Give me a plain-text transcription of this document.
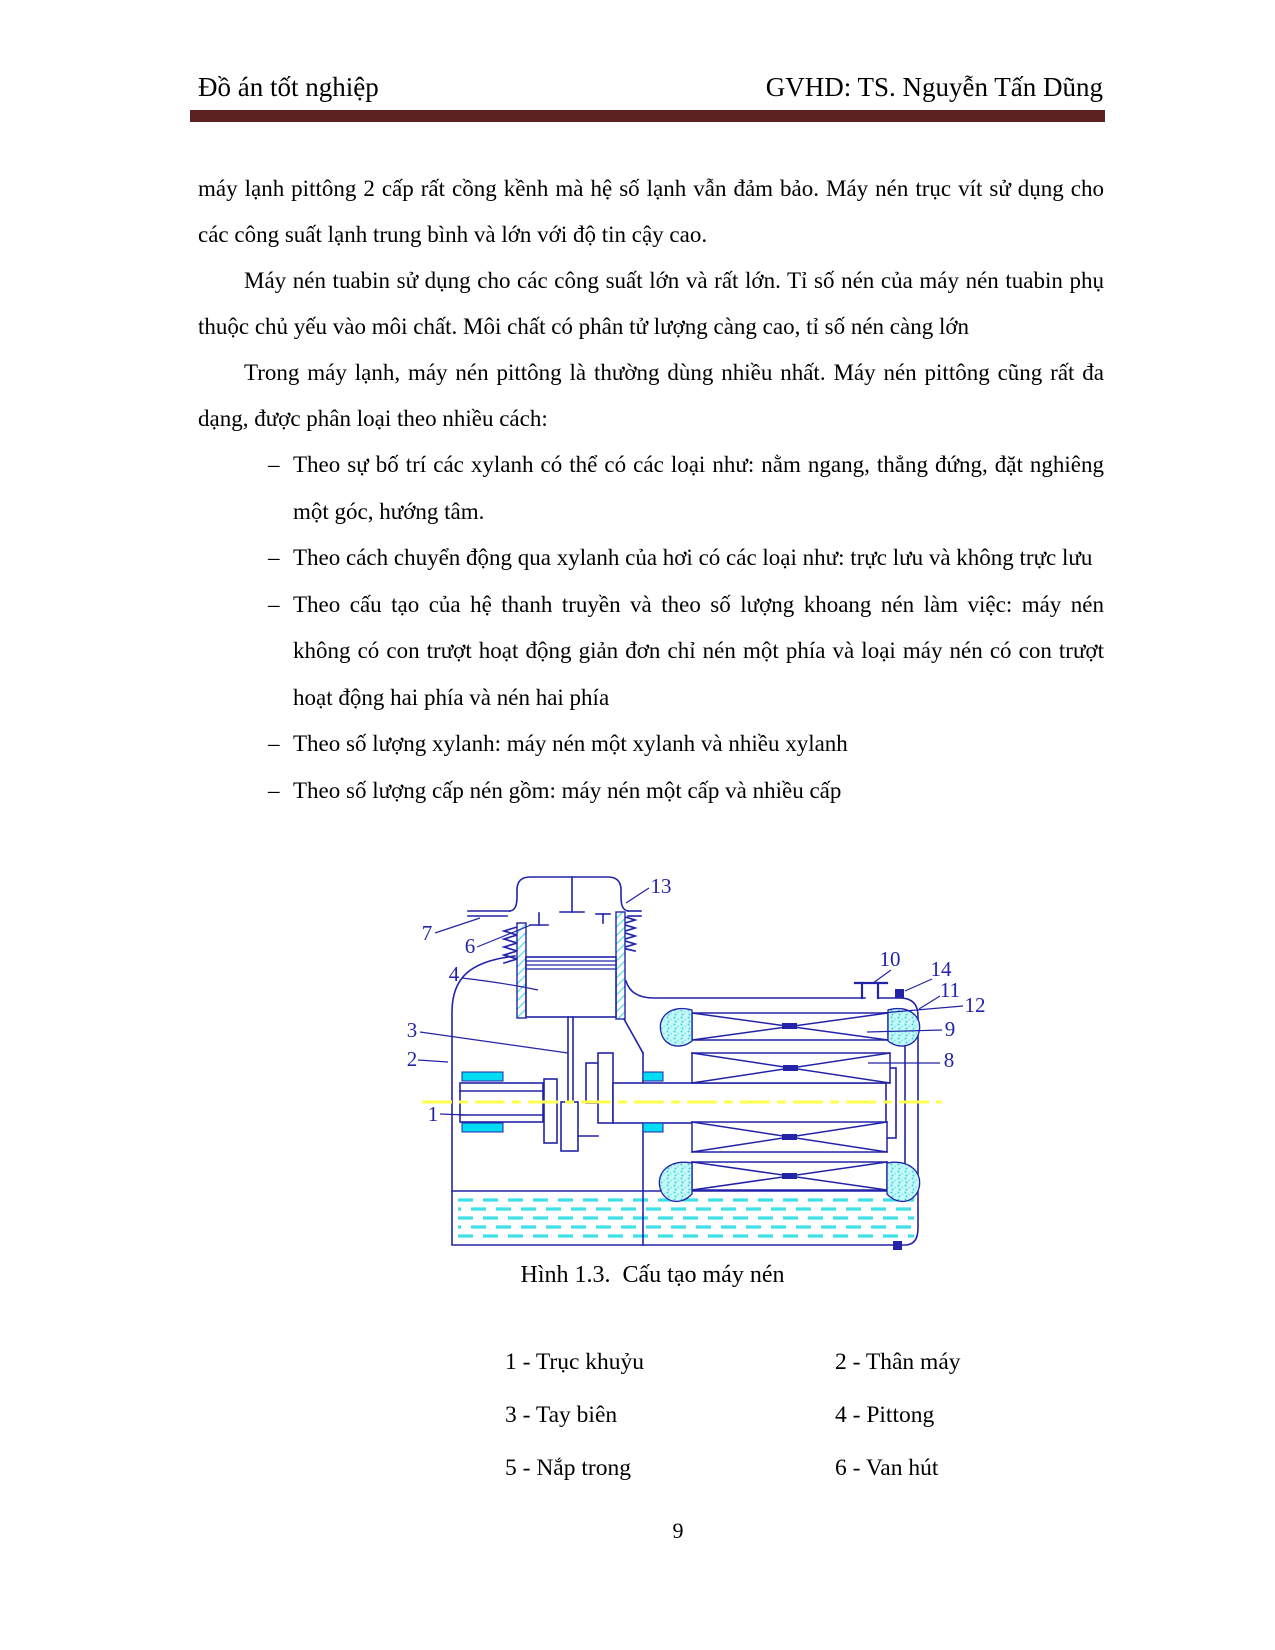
Đồ án tốt nghiệp	GVHD: TS. Nguyễn Tấn Dũng

máy lạnh pittông 2 cấp rất cồng kềnh mà hệ số lạnh vẫn đảm bảo. Máy nén trục vít sử dụng cho các công suất lạnh trung bình và lớn với độ tin cậy cao.

Máy nén tuabin sử dụng cho các công suất lớn và rất lớn. Tỉ số nén của máy nén tuabin phụ thuộc chủ yếu vào môi chất. Môi chất có phân tử lượng càng cao, tỉ số nén càng lớn

Trong máy lạnh, máy nén pittông là thường dùng nhiều nhất. Máy nén pittông cũng rất đa dạng, được phân loại theo nhiều cách:

– Theo sự bố trí các xylanh có thể có các loại như: nằm ngang, thẳng đứng, đặt nghiêng một góc, hướng tâm.
– Theo cách chuyển động qua xylanh của hơi có các loại như: trực lưu và không trực lưu
– Theo cấu tạo của hệ thanh truyền và theo số lượng khoang nén làm việc: máy nén không có con trượt hoạt động giản đơn chỉ nén một phía và loại máy nén có con trượt hoạt động hai phía và nén hai phía
– Theo số lượng xylanh: máy nén một xylanh và nhiều xylanh
– Theo số lượng cấp nén gồm: máy nén một cấp và nhiều cấp
7
6
4
3
2
1
13
10 14
11
12
9
8
Hình 1.3.  Cấu tạo máy nén
1 - Trục khuỷu	2 - Thân máy
3 - Tay biên	4 - Pittong
5 - Nắp trong	6 - Van hút
9
